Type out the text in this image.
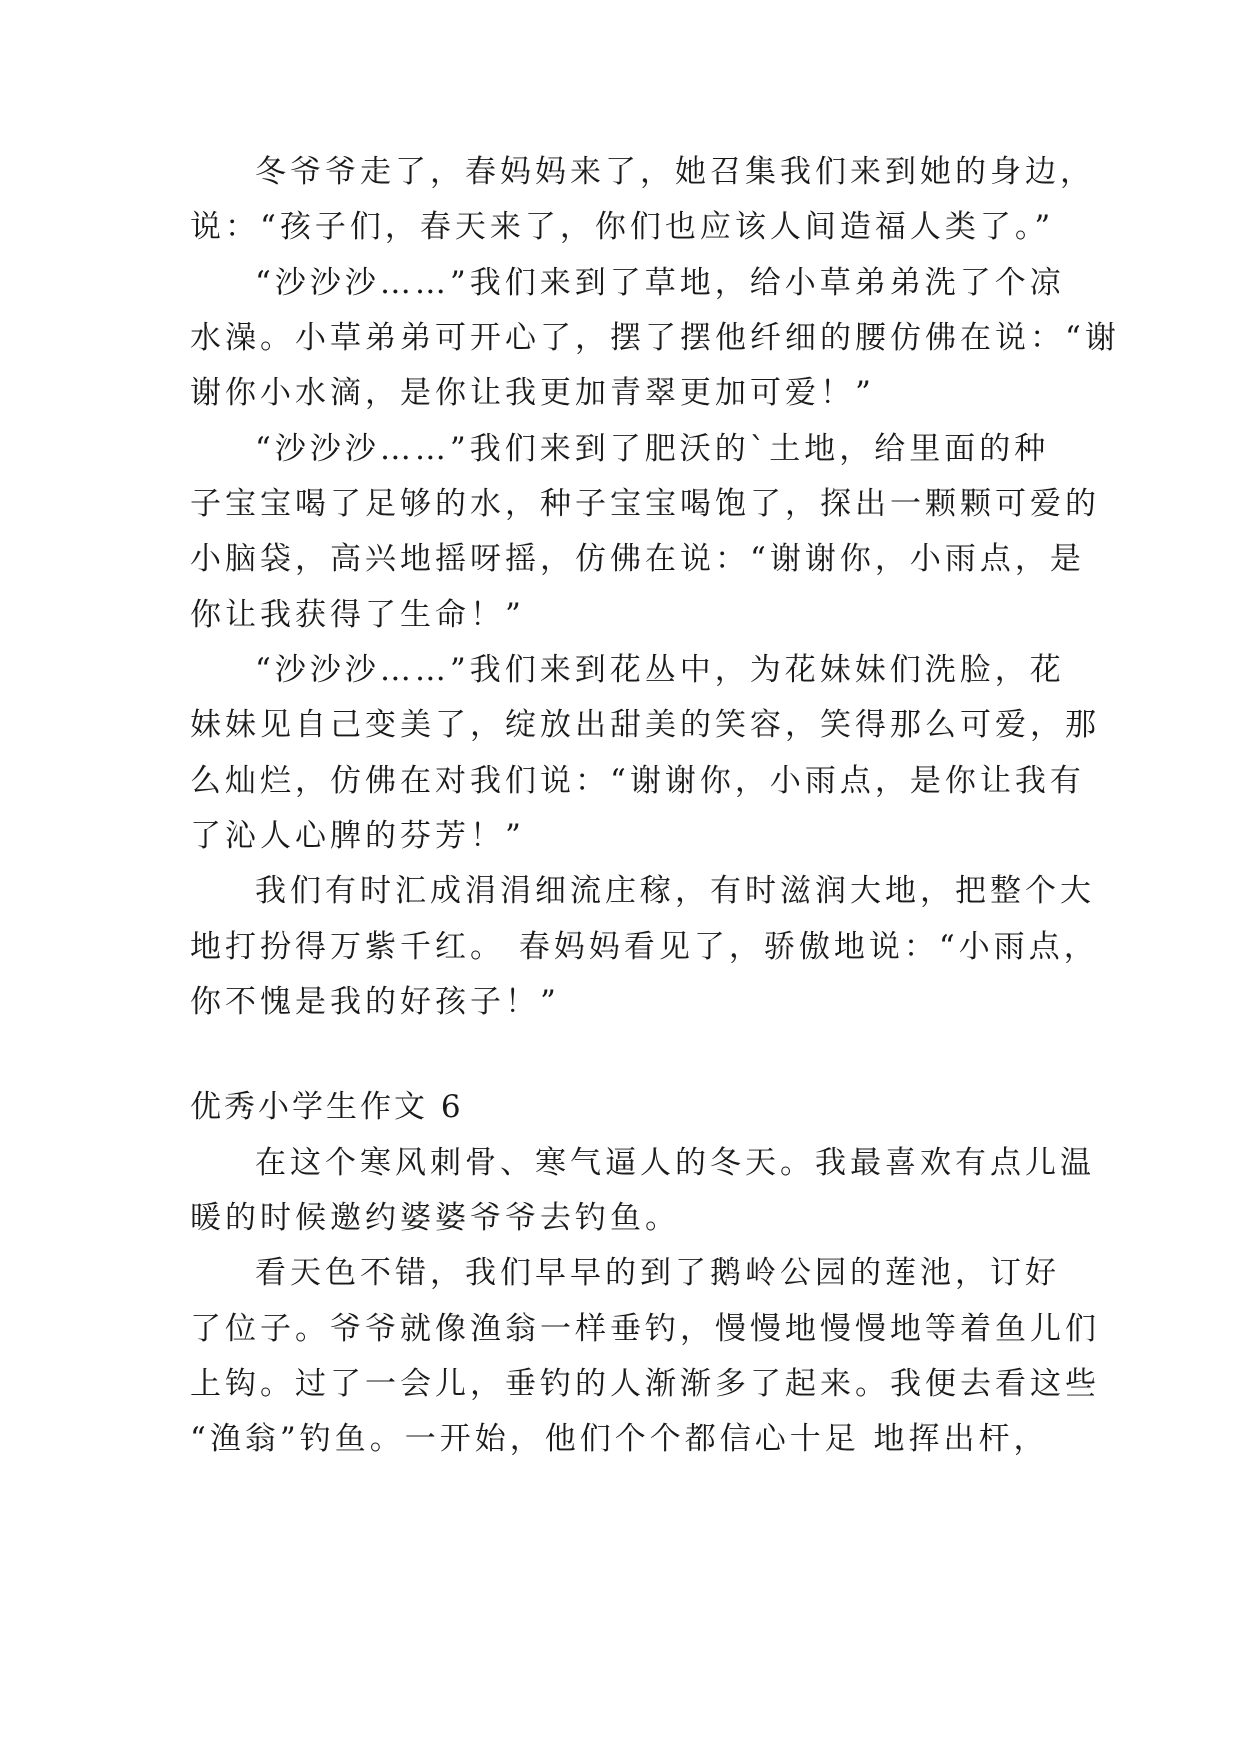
冬爷爷走了，春妈妈来了，她召集我们来到她的身边，
说：“孩子们，春天来了，你们也应该人间造福人类了。”
“沙沙沙……”我们来到了草地，给小草弟弟洗了个凉
水澡。小草弟弟可开心了，摆了摆他纤细的腰仿佛在说：“谢
谢你小水滴，是你让我更加青翠更加可爱！”
“沙沙沙……”我们来到了肥沃的`土地，给里面的种
子宝宝喝了足够的水，种子宝宝喝饱了，探出一颗颗可爱的
小脑袋，高兴地摇呀摇，仿佛在说：“谢谢你，小雨点，是
你让我获得了生命！”
“沙沙沙……”我们来到花丛中，为花妹妹们洗脸，花
妹妹见自己变美了，绽放出甜美的笑容，笑得那么可爱，那
么灿烂，仿佛在对我们说：“谢谢你，小雨点，是你让我有
了沁人心脾的芬芳！”
我们有时汇成涓涓细流庄稼，有时滋润大地，把整个大
地打扮得万紫千红。 春妈妈看见了，骄傲地说：“小雨点，
你不愧是我的好孩子！”
优秀小学生作文 6
在这个寒风刺骨、寒气逼人的冬天。我最喜欢有点儿温
暖的时候邀约婆婆爷爷去钓鱼。
看天色不错，我们早早的到了鹅岭公园的莲池，订好
了位子。爷爷就像渔翁一样垂钓，慢慢地慢慢地等着鱼儿们
上钩。过了一会儿，垂钓的人渐渐多了起来。我便去看这些
“渔翁”钓鱼。一开始，他们个个都信心十足 地挥出杆，
